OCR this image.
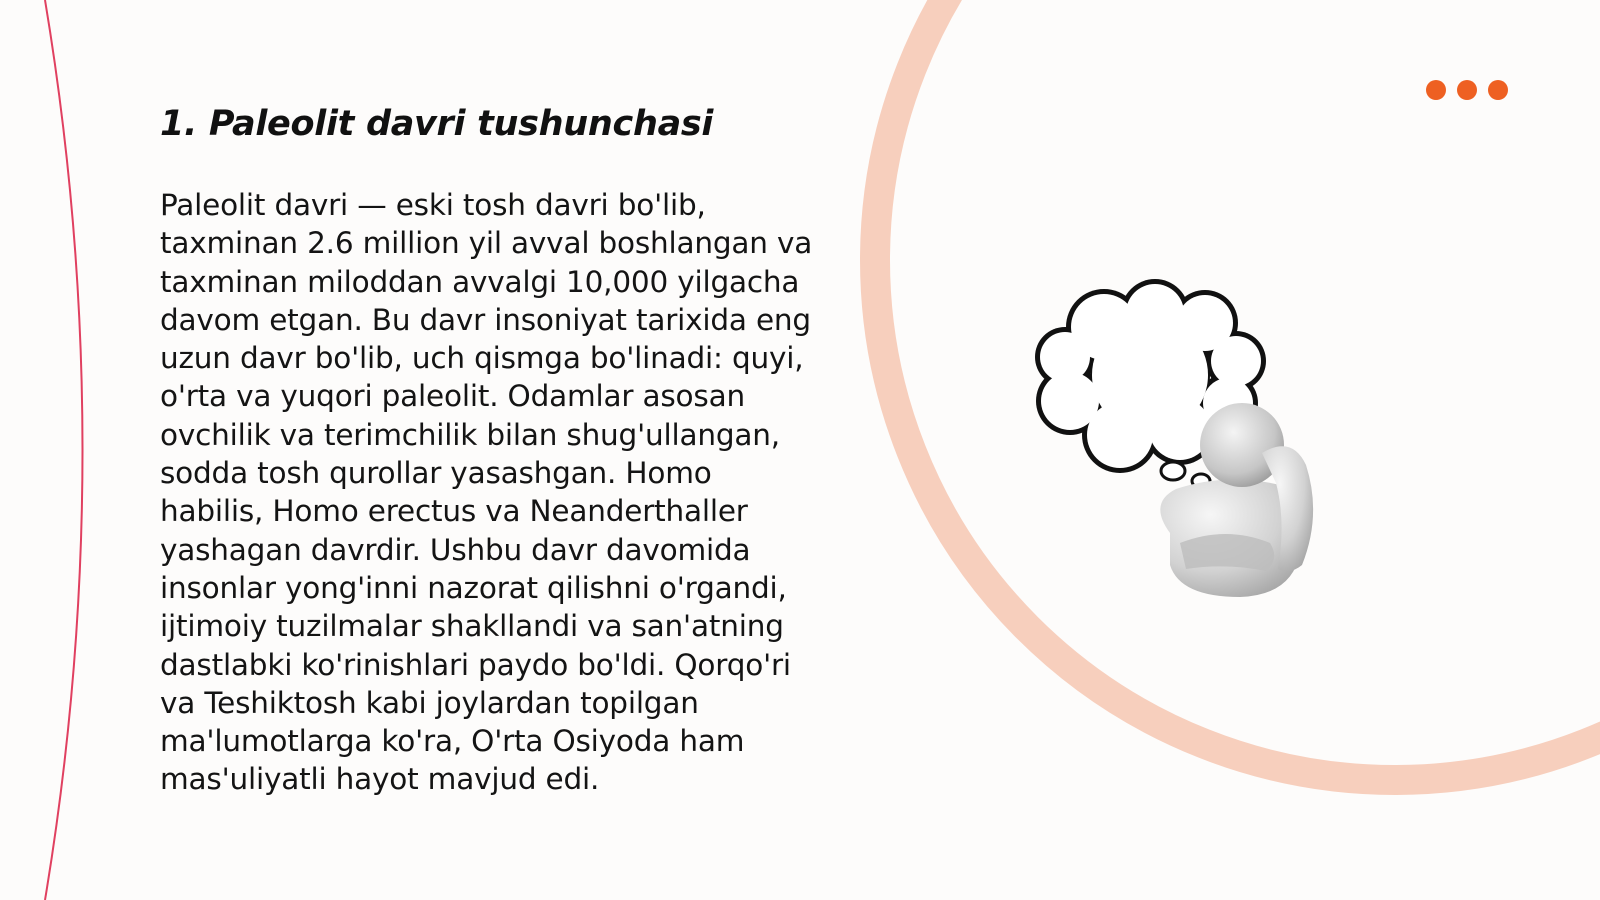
1. Paleolit davri tushunchasi

Paleolit davri — eski tosh davri bo'lib,
taxminan 2.6 million yil avval boshlangan va
taxminan miloddan avvalgi 10,000 yilgacha
davom etgan. Bu davr insoniyat tarixida eng
uzun davr bo'lib, uch qismga bo'linadi: quyi,
o'rta va yuqori paleolit. Odamlar asosan
ovchilik va terimchilik bilan shug'ullangan,
sodda tosh qurollar yasashgan. Homo
habilis, Homo erectus va Neanderthaller
yashagan davrdir. Ushbu davr davomida
insonlar yong'inni nazorat qilishni o'rgandi,
ijtimoiy tuzilmalar shakllandi va san'atning
dastlabki ko'rinishlari paydo bo'ldi. Qorqo'ri
va Teshiktosh kabi joylardan topilgan
ma'lumotlarga ko'ra, O'rta Osiyoda ham
mas'uliyatli hayot mavjud edi.
